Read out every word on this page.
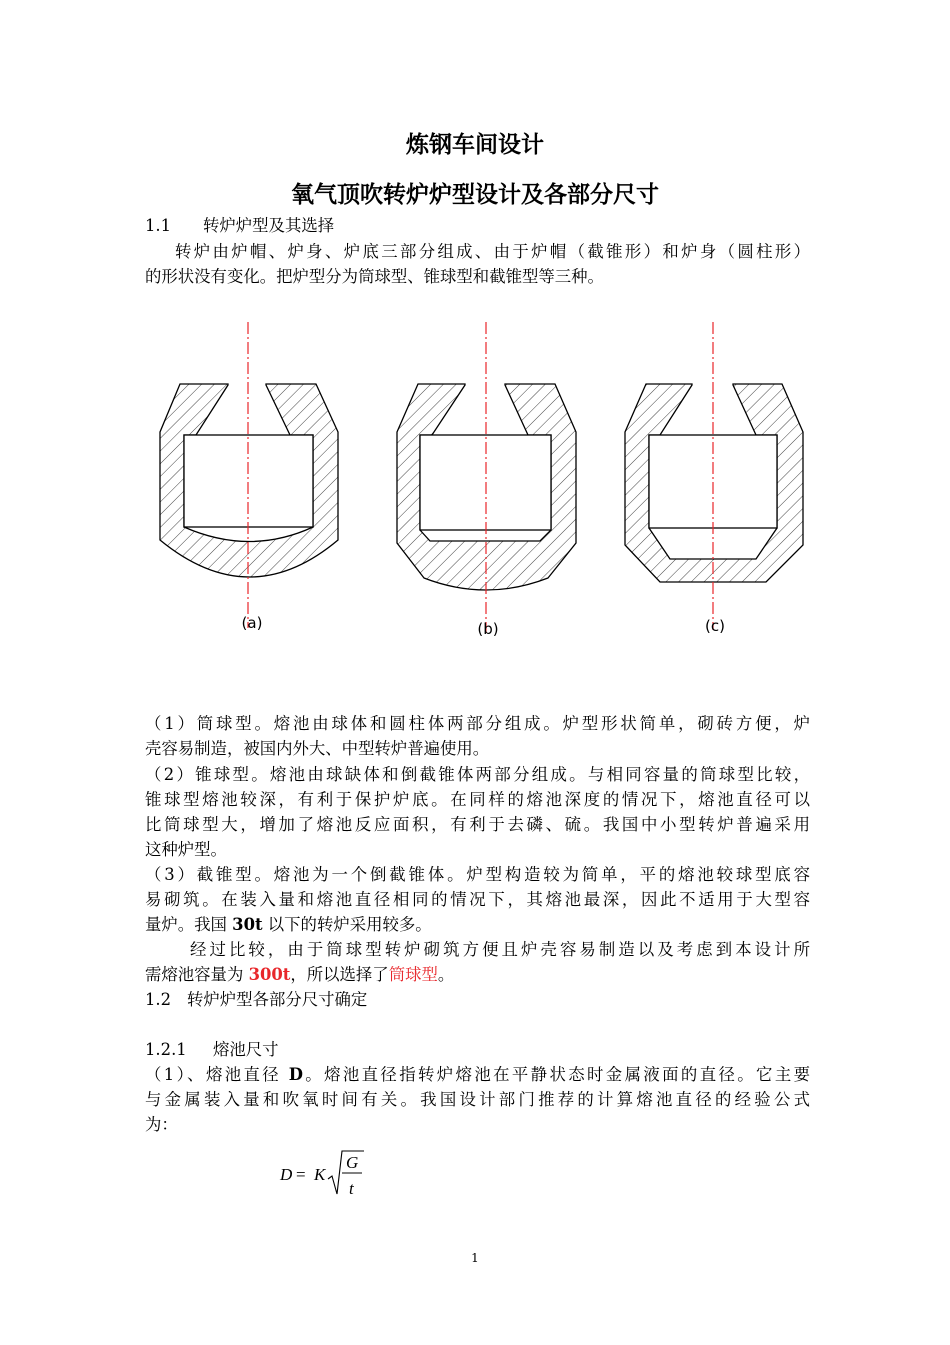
炼钢车间设计
氧气顶吹转炉炉型设计及各部分尺寸
1.1 转炉炉型及其选择
转炉由炉帽、炉身、炉底三部分组成、由于炉帽（截锥形）和炉身（圆柱形）
的形状没有变化。把炉型分为筒球型、锥球型和截锥型等三种。
(a)	(b)	(c)
（1）筒球型。熔池由球体和圆柱体两部分组成。炉型形状简单，砌砖方便，炉
壳容易制造，被国内外大、中型转炉普遍使用。
（2）锥球型。熔池由球缺体和倒截锥体两部分组成。与相同容量的筒球型比较，
锥球型熔池较深，有利于保护炉底。在同样的熔池深度的情况下，熔池直径可以
比筒球型大，增加了熔池反应面积，有利于去磷、硫。我国中小型转炉普遍采用
这种炉型。
（3）截锥型。熔池为一个倒截锥体。炉型构造较为简单，平的熔池较球型底容
易砌筑。在装入量和熔池直径相同的情况下，其熔池最深，因此不适用于大型容
量炉。我国 30t 以下的转炉采用较多。
经过比较，由于筒球型转炉砌筑方便且炉壳容易制造以及考虑到本设计所
需熔池容量为 300t，所以选择了筒球型。
1.2 转炉炉型各部分尺寸确定
1.2.1 熔池尺寸
（1）、熔池直径 D。熔池直径指转炉熔池在平静状态时金属液面的直径。它主要
与金属装入量和吹氧时间有关。我国设计部门推荐的计算熔池直径的经验公式
为：
D = K
G
t
1
